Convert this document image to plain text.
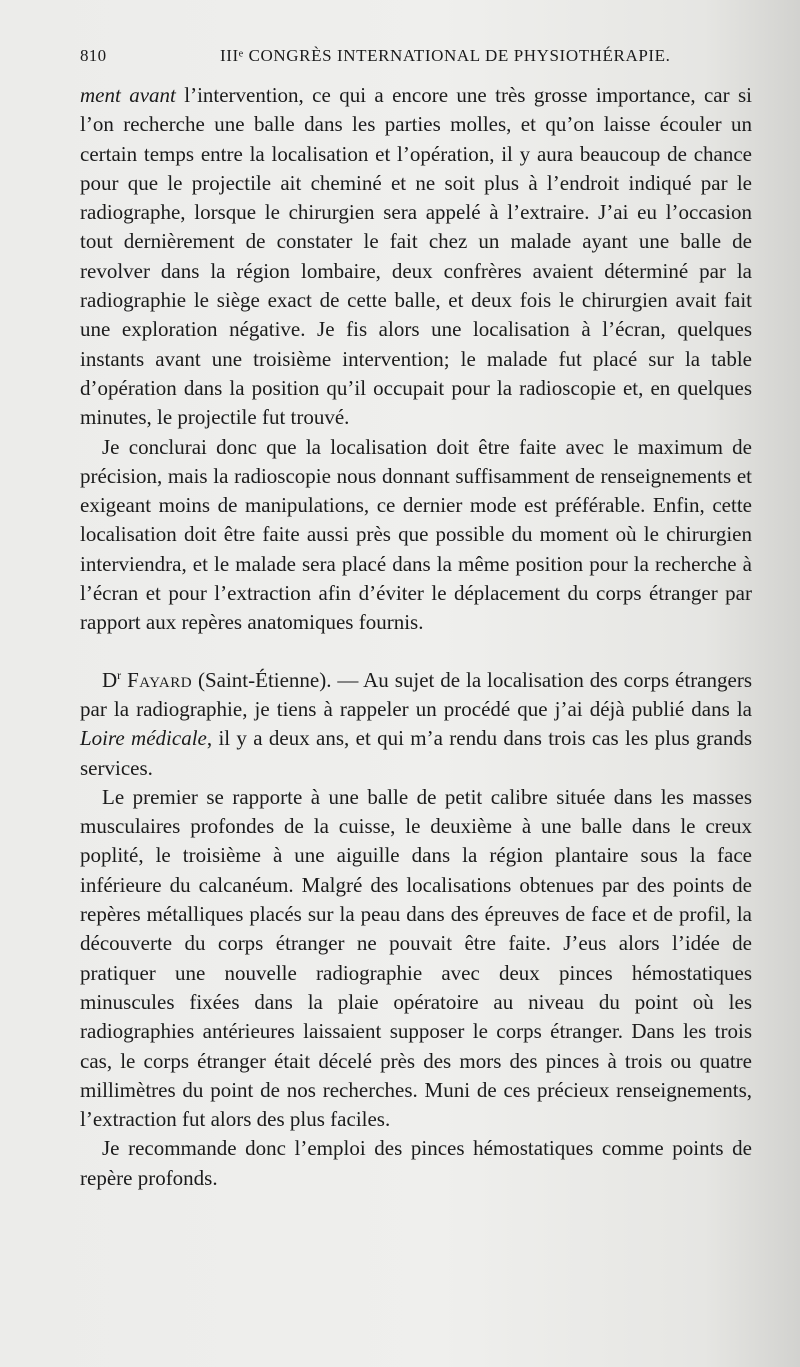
810	IIIᵉ CONGRÈS INTERNATIONAL DE PHYSIOTHÉRAPIE.

ment avant l’intervention, ce qui a encore une très grosse importance, car si l’on recherche une balle dans les parties molles, et qu’on laisse écouler un certain temps entre la localisation et l’opération, il y aura beaucoup de chance pour que le projectile ait cheminé et ne soit plus à l’endroit indiqué par le radiographe, lorsque le chirurgien sera appelé à l’extraire. J’ai eu l’occasion tout dernièrement de constater le fait chez un malade ayant une balle de revolver dans la région lombaire, deux confrères avaient déterminé par la radiographie le siège exact de cette balle, et deux fois le chirurgien avait fait une exploration négative. Je fis alors une localisation à l’écran, quelques instants avant une troisième intervention; le malade fut placé sur la table d’opération dans la position qu’il occupait pour la radioscopie et, en quelques minutes, le projectile fut trouvé.

Je conclurai donc que la localisation doit être faite avec le maximum de précision, mais la radioscopie nous donnant suffisamment de renseignements et exigeant moins de manipulations, ce dernier mode est préférable. Enfin, cette localisation doit être faite aussi près que possible du moment où le chirurgien interviendra, et le malade sera placé dans la même position pour la recherche à l’écran et pour l’extraction afin d’éviter le déplacement du corps étranger par rapport aux repères anatomiques fournis.

$D^r$ Fayard (Saint-Étienne). — Au sujet de la localisation des corps étrangers par la radiographie, je tiens à rappeler un procédé que j’ai déjà publié dans la Loire médicale, il y a deux ans, et qui m’a rendu dans trois cas les plus grands services.

Le premier se rapporte à une balle de petit calibre située dans les masses musculaires profondes de la cuisse, le deuxième à une balle dans le creux poplité, le troisième à une aiguille dans la région plantaire sous la face inférieure du calcanéum. Malgré des localisations obtenues par des points de repères métalliques placés sur la peau dans des épreuves de face et de profil, la découverte du corps étranger ne pouvait être faite. J’eus alors l’idée de pratiquer une nouvelle radiographie avec deux pinces hémostatiques minuscules fixées dans la plaie opératoire au niveau du point où les radiographies antérieures laissaient supposer le corps étranger. Dans les trois cas, le corps étranger était décelé près des mors des pinces à trois ou quatre millimètres du point de nos recherches. Muni de ces précieux renseignements, l’extraction fut alors des plus faciles.

Je recommande donc l’emploi des pinces hémostatiques comme points de repère profonds.
